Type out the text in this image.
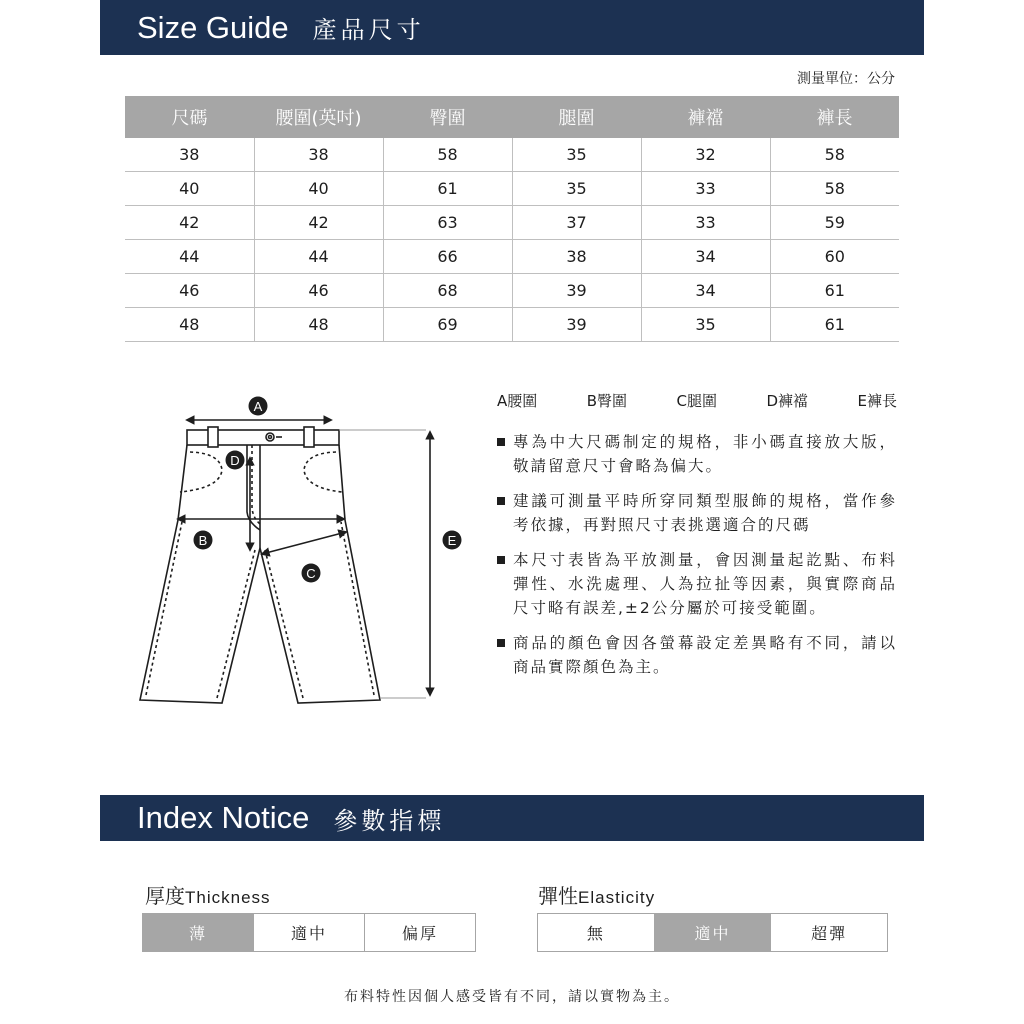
Size Guide 產品尺寸
測量單位：公分
尺碼	腰圍(英吋)	臀圍	腿圍	褲襠	褲長
38	38	58	35	32	58
40	40	61	35	33	58
42	42	63	37	33	59
44	44	66	38	34	60
46	46	68	39	34	61
48	48	69	39	35	61
A
B
C
D
E
A腰圍	B臀圍	C腿圍	D褲襠	E褲長
專為中大尺碼制定的規格，非小碼直接放大版，敬請留意尺寸會略為偏大。
建議可測量平時所穿同類型服飾的規格，當作參考依據，再對照尺寸表挑選適合的尺碼
本尺寸表皆為平放測量，會因測量起訖點、布料彈性、水洗處理、人為拉扯等因素，與實際商品尺寸略有誤差,±2公分屬於可接受範圍。
商品的顏色會因各螢幕設定差異略有不同，請以商品實際顏色為主。
Index Notice 參數指標
厚度Thickness
薄	適中	偏厚
彈性Elasticity
無	適中	超彈
布料特性因個人感受皆有不同，請以實物為主。
